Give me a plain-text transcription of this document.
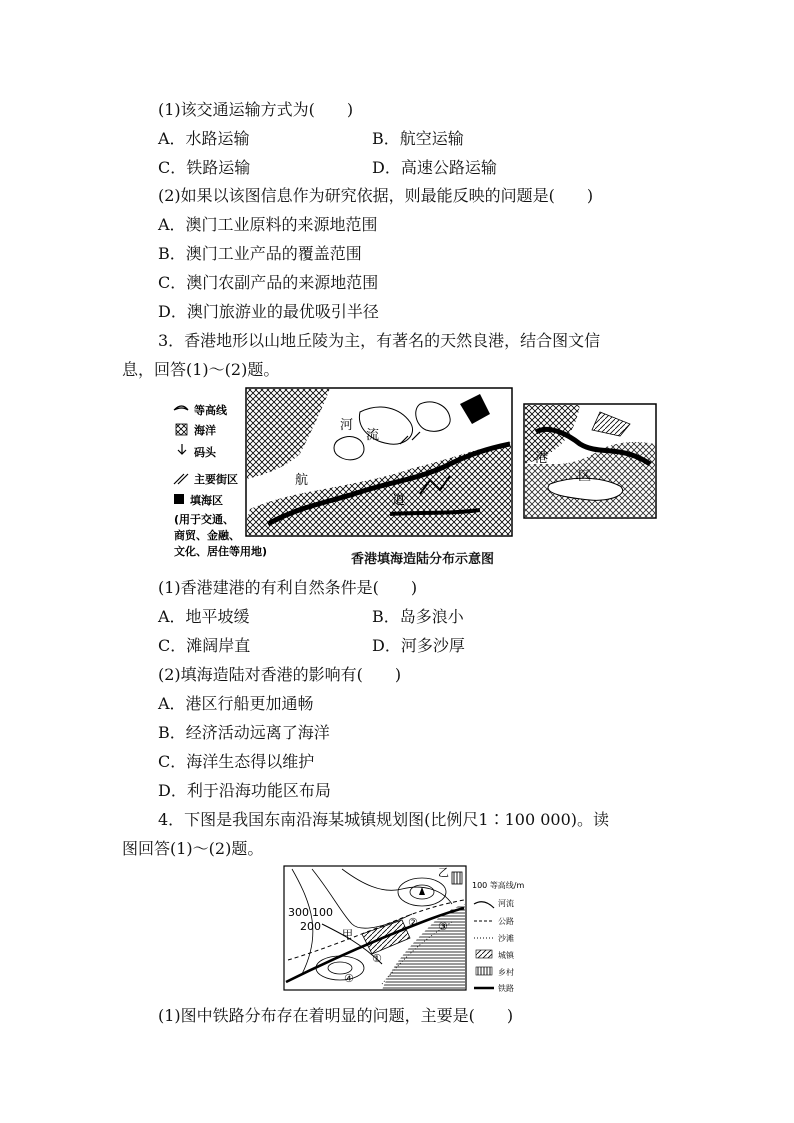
(1)该交通运输方式为(　　)
A．水路运输	B．航空运输
C．铁路运输	D．高速公路运输
(2)如果以该图信息作为研究依据，则最能反映的问题是(　　)
A．澳门工业原料的来源地范围
B．澳门工业产品的覆盖范围
C．澳门农副产品的来源地范围
D．澳门旅游业的最优吸引半径
3．香港地形以山地丘陵为主，有著名的天然良港，结合图文信
息，回答(1)～(2)题。
等高线
海洋
码头
主要街区
填海区
(用于交通、
商贸、金融、
文化、居住等用地)
河
流
航
道
港
区
香港填海造陆分布示意图
(1)香港建港的有利自然条件是(　　)
A．地平坡缓	B．岛多浪小
C．滩阔岸直	D．河多沙厚
(2)填海造陆对香港的影响有(　　)
A．港区行船更加通畅
B．经济活动远离了海洋
C．海洋生态得以维护
D．利于沿海功能区布局
4．下图是我国东南沿海某城镇规划图(比例尺1∶100 000)。读
图回答(1)～(2)题。
300 100
200
甲
乙
①
② ③
④
100 等高线/m
河流
公路
沙滩
城镇
乡村
铁路
(1)图中铁路分布存在着明显的问题，主要是(　　)
